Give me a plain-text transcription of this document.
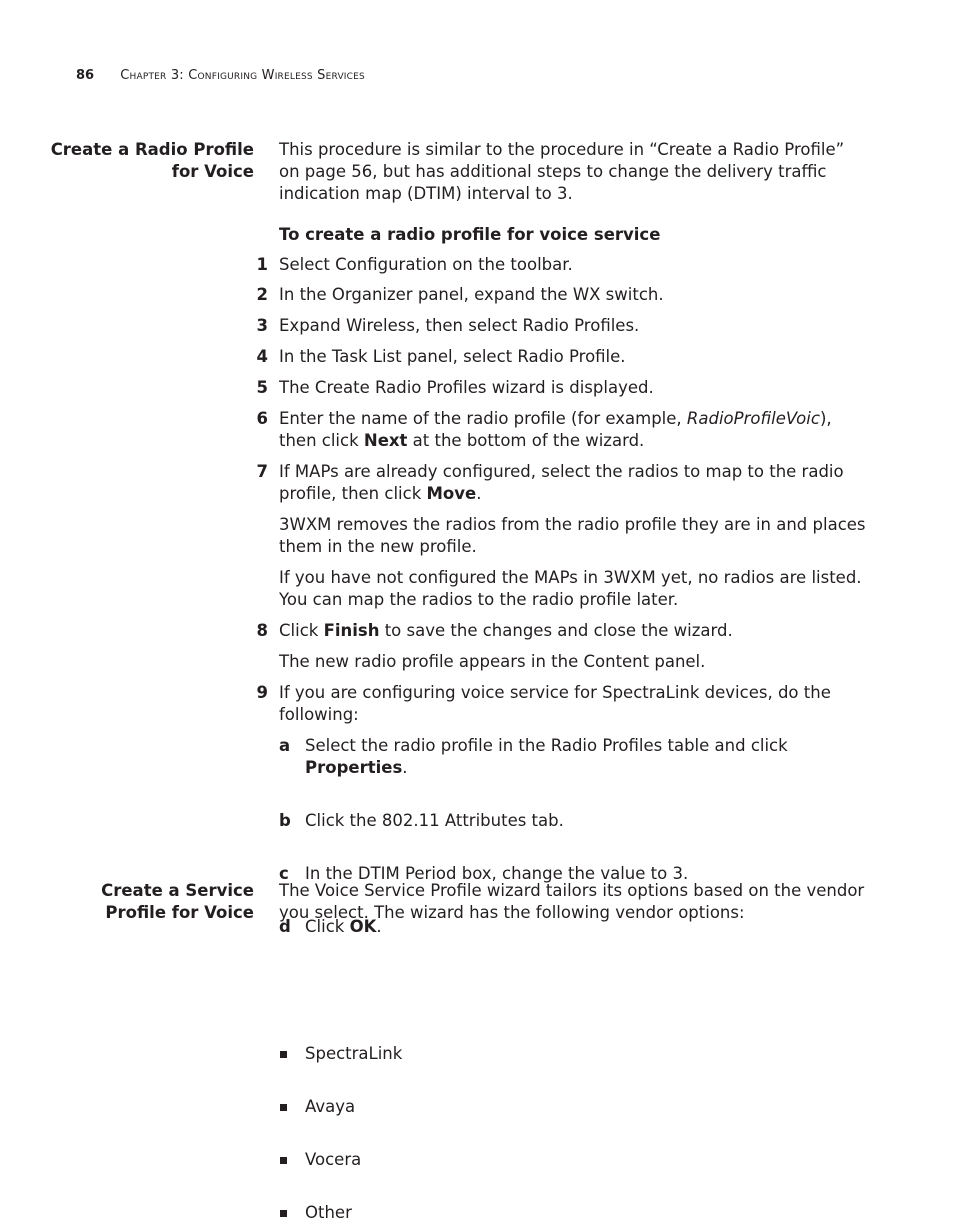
86 Chapter 3: Configuring Wireless Services
Create a Radio Profile
for Voice

This procedure is similar to the procedure in “Create a Radio Profile” on page 56, but has additional steps to change the delivery traffic indication map (DTIM) interval to 3.

To create a radio profile for voice service

1 Select Configuration on the toolbar.

2 In the Organizer panel, expand the WX switch.

3 Expand Wireless, then select Radio Profiles.

4 In the Task List panel, select Radio Profile.

5 The Create Radio Profiles wizard is displayed.

6 Enter the name of the radio profile (for example, RadioProfileVoic), then click Next at the bottom of the wizard.

7 If MAPs are already configured, select the radios to map to the radio profile, then click Move.

3WXM removes the radios from the radio profile they are in and places them in the new profile.

If you have not configured the MAPs in 3WXM yet, no radios are listed. You can map the radios to the radio profile later.

8 Click Finish to save the changes and close the wizard.

The new radio profile appears in the Content panel.

9 If you are configuring voice service for SpectraLink devices, do the following:

a Select the radio profile in the Radio Profiles table and click Properties.

b Click the 802.11 Attributes tab.

c In the DTIM Period box, change the value to 3.

d Click OK.

Create a Service
Profile for Voice

The Voice Service Profile wizard tailors its options based on the vendor you select. The wizard has the following vendor options:

SpectraLink

Avaya

Vocera

Other
